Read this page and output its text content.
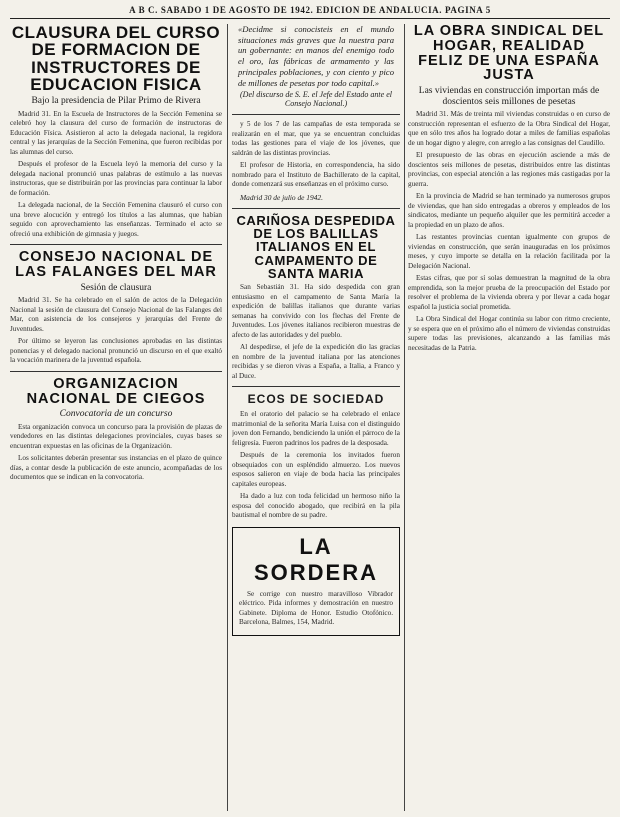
A B C. SABADO 1 DE AGOSTO DE 1942. EDICION DE ANDALUCIA. PAGINA 5
CLAUSURA DEL CURSO DE FORMACION DE INSTRUCTORES DE EDUCACION FISICA
Bajo la presidencia de Pilar Primo de Rivera

Madrid 31. En la Escuela de Instructores de la Sección Femenina se celebró hoy la clausura del curso de formación de instructoras de Educación Física. Asistieron al acto la delegada nacional, la regidora central y las jerarquías de la Sección Femenina, que fueron recibidas por las alumnas del curso.

Después el profesor de la Escuela leyó la memoria del curso y la delegada nacional pronunció unas palabras de estímulo a las nuevas instructoras, que se distribuirán por las provincias para continuar la labor de formación.

La delegada nacional, de la Sección Femenina clausuró el curso con una breve alocución y entregó los títulos a las alumnas, que habían seguido con aprovechamiento las enseñanzas. Terminado el acto se ofreció una exhibición de gimnasia y juegos.

CONSEJO NACIONAL DE LAS FALANGES DEL MAR
Sesión de clausura

Madrid 31. Se ha celebrado en el salón de actos de la Delegación Nacional la sesión de clausura del Consejo Nacional de las Falanges del Mar, con asistencia de los consejeros y jerarquías del Frente de Juventudes.

Por último se leyeron las conclusiones aprobadas en las distintas ponencias y el delegado nacional pronunció un discurso en el que exaltó la vocación marinera de la juventud española.

ORGANIZACION NACIONAL DE CIEGOS
Convocatoria de un concurso

Esta organización convoca un concurso para la provisión de plazas de vendedores en las distintas delegaciones provinciales, cuyas bases se encuentran expuestas en las oficinas de la Organización.

Los solicitantes deberán presentar sus instancias en el plazo de quince días, a contar desde la publicación de este anuncio, acompañadas de los documentos que se indican en la convocatoria.

«Decidme si conocisteis en el mundo situaciones más graves que la nuestra para un gobernante: en manos del enemigo todo el oro, las fábricas de armamento y las principales poblaciones, y con ciento y pico de millones de pesetas por todo capital.»

(Del discurso de S. E. el Jefe del Estado ante el Consejo Nacional.)

y 5 de los 7 de las campañas de esta temporada se realizarán en el mar, que ya se encuentran concluidas todas las gestiones para el viaje de los jóvenes, que saldrán de las distintas provincias.

El profesor de Historia, en correspondencia, ha sido nombrado para el Instituto de Bachillerato de la capital, donde comenzará sus enseñanzas en el próximo curso.

Madrid 30 de julio de 1942.
CARIÑOSA DESPEDIDA DE LOS BALILLAS ITALIANOS EN EL CAMPAMENTO DE SANTA MARIA

San Sebastián 31. Ha sido despedida con gran entusiasmo en el campamento de Santa María la expedición de balillas italianos que durante varias semanas ha convivido con los flechas del Frente de Juventudes. Los jóvenes italianos recibieron muestras de afecto de las autoridades y del pueblo.

Al despedirse, el jefe de la expedición dio las gracias en nombre de la juventud italiana por las atenciones recibidas y se dieron vivas a España, a Italia, a Franco y al Duce.

ECOS DE SOCIEDAD

En el oratorio del palacio se ha celebrado el enlace matrimonial de la señorita María Luisa con el distinguido joven don Fernando, bendiciendo la unión el párroco de la feligresía. Fueron padrinos los padres de la desposada.

Después de la ceremonia los invitados fueron obsequiados con un espléndido almuerzo. Los nuevos esposos salieron en viaje de boda hacia las principales capitales europeas.

Ha dado a luz con toda felicidad un hermoso niño la esposa del conocido abogado, que recibirá en la pila bautismal el nombre de su padre.

LA SORDERA

Se corrige con nuestro maravilloso Vibrador eléctrico. Pida informes y demostración en nuestro Gabinete. Diploma de Honor. Estudio Otofónico. Barcelona, Balmes, 154, Madrid.

LA OBRA SINDICAL DEL HOGAR, REALIDAD FELIZ DE UNA ESPAÑA JUSTA
Las viviendas en construcción importan más de doscientos seis millones de pesetas

Madrid 31. Más de treinta mil viviendas construidas o en curso de construcción representan el esfuerzo de la Obra Sindical del Hogar, que en sólo tres años ha logrado dotar a miles de familias españolas de un hogar digno y alegre, con arreglo a las consignas del Caudillo.

El presupuesto de las obras en ejecución asciende a más de doscientos seis millones de pesetas, distribuidos entre las distintas provincias, con especial atención a las regiones más castigadas por la guerra.

En la provincia de Madrid se han terminado ya numerosos grupos de viviendas, que han sido entregadas a obreros y empleados de los sindicatos, mediante un pequeño alquiler que les permitirá acceder a la propiedad en un plazo de años.

Las restantes provincias cuentan igualmente con grupos de viviendas en construcción, que serán inauguradas en los próximos meses, y cuyo importe se detalla en la relación facilitada por la Delegación Nacional.

Estas cifras, que por sí solas demuestran la magnitud de la obra emprendida, son la mejor prueba de la preocupación del Estado por resolver el problema de la vivienda obrera y por llevar a cada hogar español la justicia social prometida.

La Obra Sindical del Hogar continúa su labor con ritmo creciente, y se espera que en el próximo año el número de viviendas construidas supere todas las previsiones, alcanzando a las familias más necesitadas de la Patria.
